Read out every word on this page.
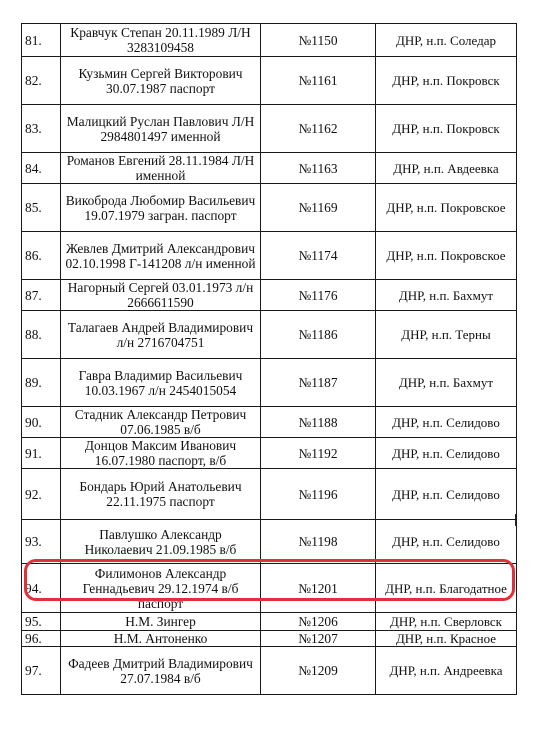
81.	Кравчук Степан 20.11.1989 Л/Н 3283109458	№1150	ДНР, н.п. Соледар
82.	Кузьмин Сергей Викторович 30.07.1987 паспорт	№1161	ДНР, н.п. Покровск
83.	Малицкий Руслан Павлович Л/Н 2984801497 именной	№1162	ДНР, н.п. Покровск
84.	Романов Евгений 28.11.1984 Л/Н именной	№1163	ДНР, н.п. Авдеевка
85.	Викоброда Любомир Васильевич 19.07.1979 загран. паспорт	№1169	ДНР, н.п. Покровское
86.	Жевлев Дмитрий Александрович 02.10.1998 Г-141208 л/н именной	№1174	ДНР, н.п. Покровское
87.	Нагорный Сергей 03.01.1973 л/н 2666611590	№1176	ДНР, н.п. Бахмут
88.	Талагаев Андрей Владимирович л/н 2716704751	№1186	ДНР, н.п. Терны
89.	Гавра Владимир Васильевич 10.03.1967 л/н 2454015054	№1187	ДНР, н.п. Бахмут
90.	Стадник Александр Петрович 07.06.1985 в/б	№1188	ДНР, н.п. Селидово
91.	Донцов Максим Иванович 16.07.1980 паспорт, в/б	№1192	ДНР, н.п. Селидово
92.	Бондарь Юрий Анатольевич 22.11.1975 паспорт	№1196	ДНР, н.п. Селидово
93.	Павлушко Александр Николаевич 21.09.1985 в/б	№1198	ДНР, н.п. Селидово
94.	Филимонов Александр Геннадьевич 29.12.1974 в/б паспорт	№1201	ДНР, н.п. Благодатное
95.	Н.М. Зингер	№1206	ДНР, н.п. Сверловск
96.	Н.М. Антоненко	№1207	ДНР, н.п. Красное
97.	Фадеев Дмитрий Владимирович 27.07.1984 в/б	№1209	ДНР, н.п. Андреевка
